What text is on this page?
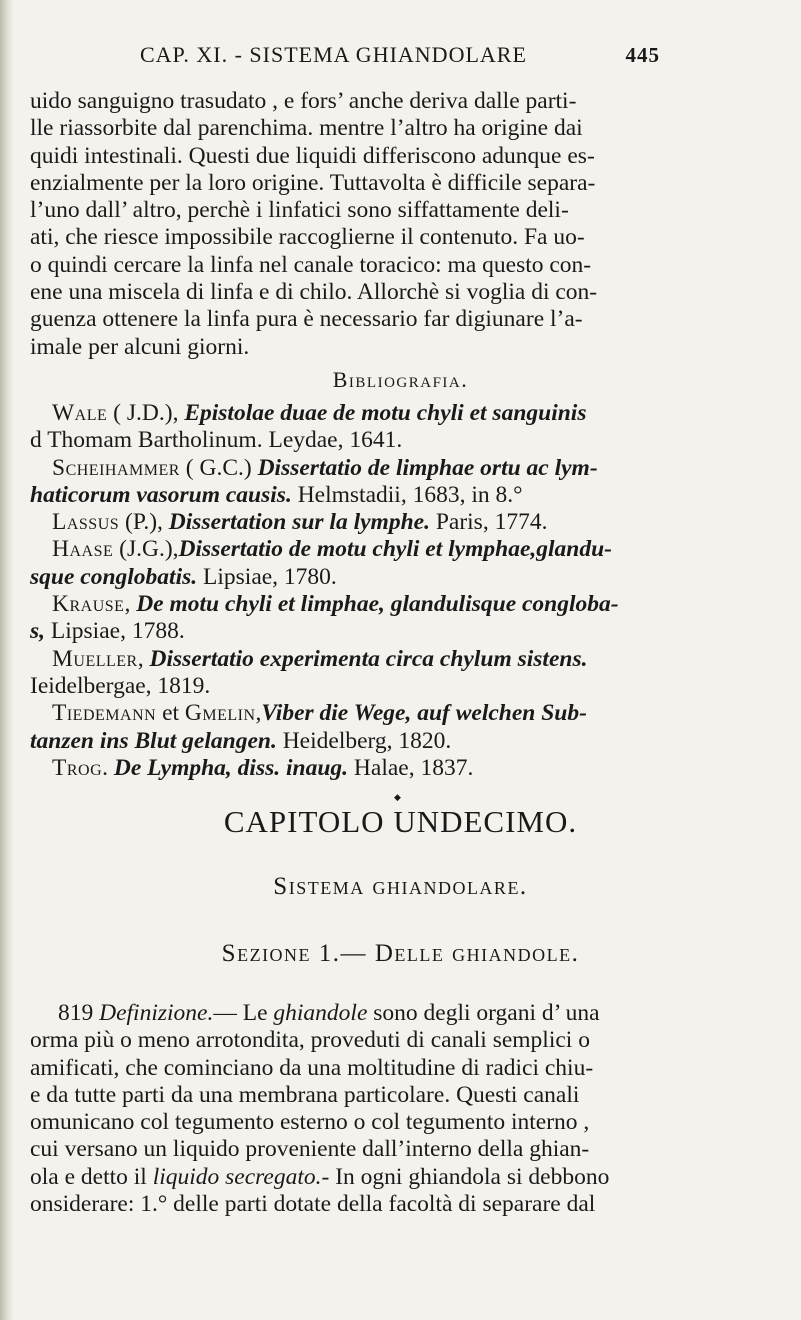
CAP. XI. - SISTEMA GHIANDOLARE	445
uido sanguigno trasudato , e fors’ anche deriva dalle parti-
lle riassorbite dal parenchima. mentre l’altro ha origine dai
quidi intestinali. Questi due liquidi differiscono adunque es-
enzialmente per la loro origine. Tuttavolta è difficile separa-
l’uno dall’ altro, perchè i linfatici sono siffattamente deli-
ati, che riesce impossibile raccoglierne il contenuto. Fa uo-
o quindi cercare la linfa nel canale toracico: ma questo con-
ene una miscela di linfa e di chilo. Allorchè si voglia di con-
guenza ottenere la linfa pura è necessario far digiunare l’a-
imale per alcuni giorni.
Bibliografia.
Wale ( J.D.), Epistolae duae de motu chyli et sanguinis
d Thomam Bartholinum. Leydae, 1641.
Scheihammer ( G.C.) Dissertatio de limphae ortu ac lym-
haticorum vasorum causis. Helmstadii, 1683, in 8.°
Lassus (P.), Dissertation sur la lymphe. Paris, 1774.
Haase (J.G.),Dissertatio de motu chyli et lymphae,glandu-
sque conglobatis. Lipsiae, 1780.
Krause, De motu chyli et limphae, glandulisque congloba-
s, Lipsiae, 1788.
Mueller, Dissertatio experimenta circa chylum sistens.
Ieidelbergae, 1819.
Tiedemann et Gmelin,Viber die Wege, auf welchen Sub-
tanzen ins Blut gelangen. Heidelberg, 1820.
Trog. De Lympha, diss. inaug. Halae, 1837.
◆
CAPITOLO UNDECIMO.
Sistema ghiandolare.
Sezione 1.— Delle ghiandole.
819 Definizione.— Le ghiandole sono degli organi d’ una
orma più o meno arrotondita, proveduti di canali semplici o
amificati, che cominciano da una moltitudine di radici chiu-
e da tutte parti da una membrana particolare. Questi canali
omunicano col tegumento esterno o col tegumento interno ,
cui versano un liquido proveniente dall’interno della ghian-
ola e detto il liquido secregato.- In ogni ghiandola si debbono
onsiderare: 1.° delle parti dotate della facoltà di separare dal
